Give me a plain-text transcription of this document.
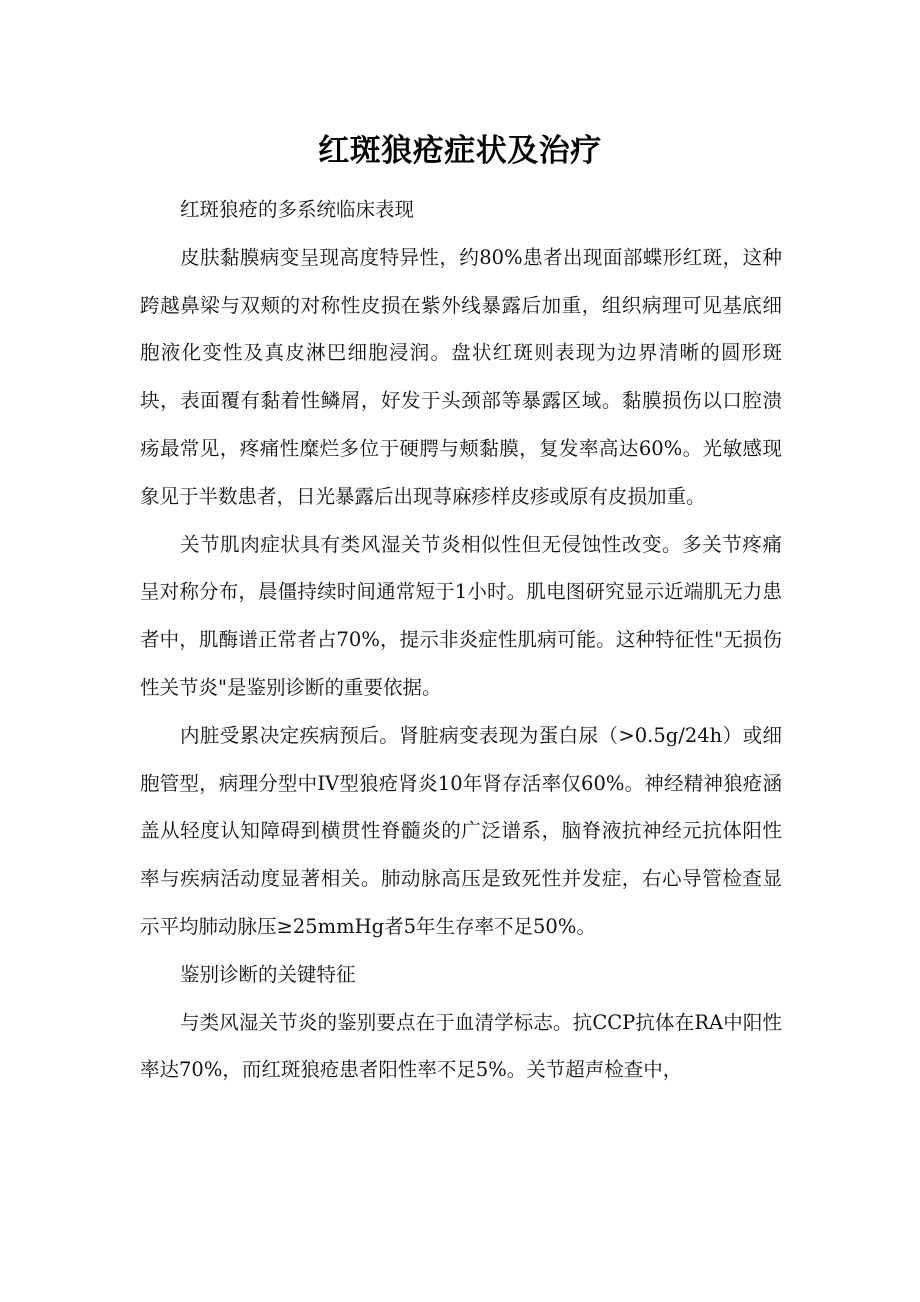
红斑狼疮症状及治疗

红斑狼疮的多系统临床表现

皮肤黏膜病变呈现高度特异性，约80%患者出现面部蝶形红斑，这种跨越鼻梁与双颊的对称性皮损在紫外线暴露后加重，组织病理可见基底细胞液化变性及真皮淋巴细胞浸润。盘状红斑则表现为边界清晰的圆形斑块，表面覆有黏着性鳞屑，好发于头颈部等暴露区域。黏膜损伤以口腔溃疡最常见，疼痛性糜烂多位于硬腭与颊黏膜，复发率高达60%。光敏感现象见于半数患者，日光暴露后出现荨麻疹样皮疹或原有皮损加重。

关节肌肉症状具有类风湿关节炎相似性但无侵蚀性改变。多关节疼痛呈对称分布，晨僵持续时间通常短于1小时。肌电图研究显示近端肌无力患者中，肌酶谱正常者占70%，提示非炎症性肌病可能。这种特征性"无损伤性关节炎"是鉴别诊断的重要依据。

内脏受累决定疾病预后。肾脏病变表现为蛋白尿（>0.5g/24h）或细胞管型，病理分型中IV型狼疮肾炎10年肾存活率仅60%。神经精神狼疮涵盖从轻度认知障碍到横贯性脊髓炎的广泛谱系，脑脊液抗神经元抗体阳性率与疾病活动度显著相关。肺动脉高压是致死性并发症，右心导管检查显示平均肺动脉压≥25mmHg者5年生存率不足50%。

鉴别诊断的关键特征

与类风湿关节炎的鉴别要点在于血清学标志。抗CCP抗体在RA中阳性率达70%，而红斑狼疮患者阳性率不足5%。关节超声检查中，
